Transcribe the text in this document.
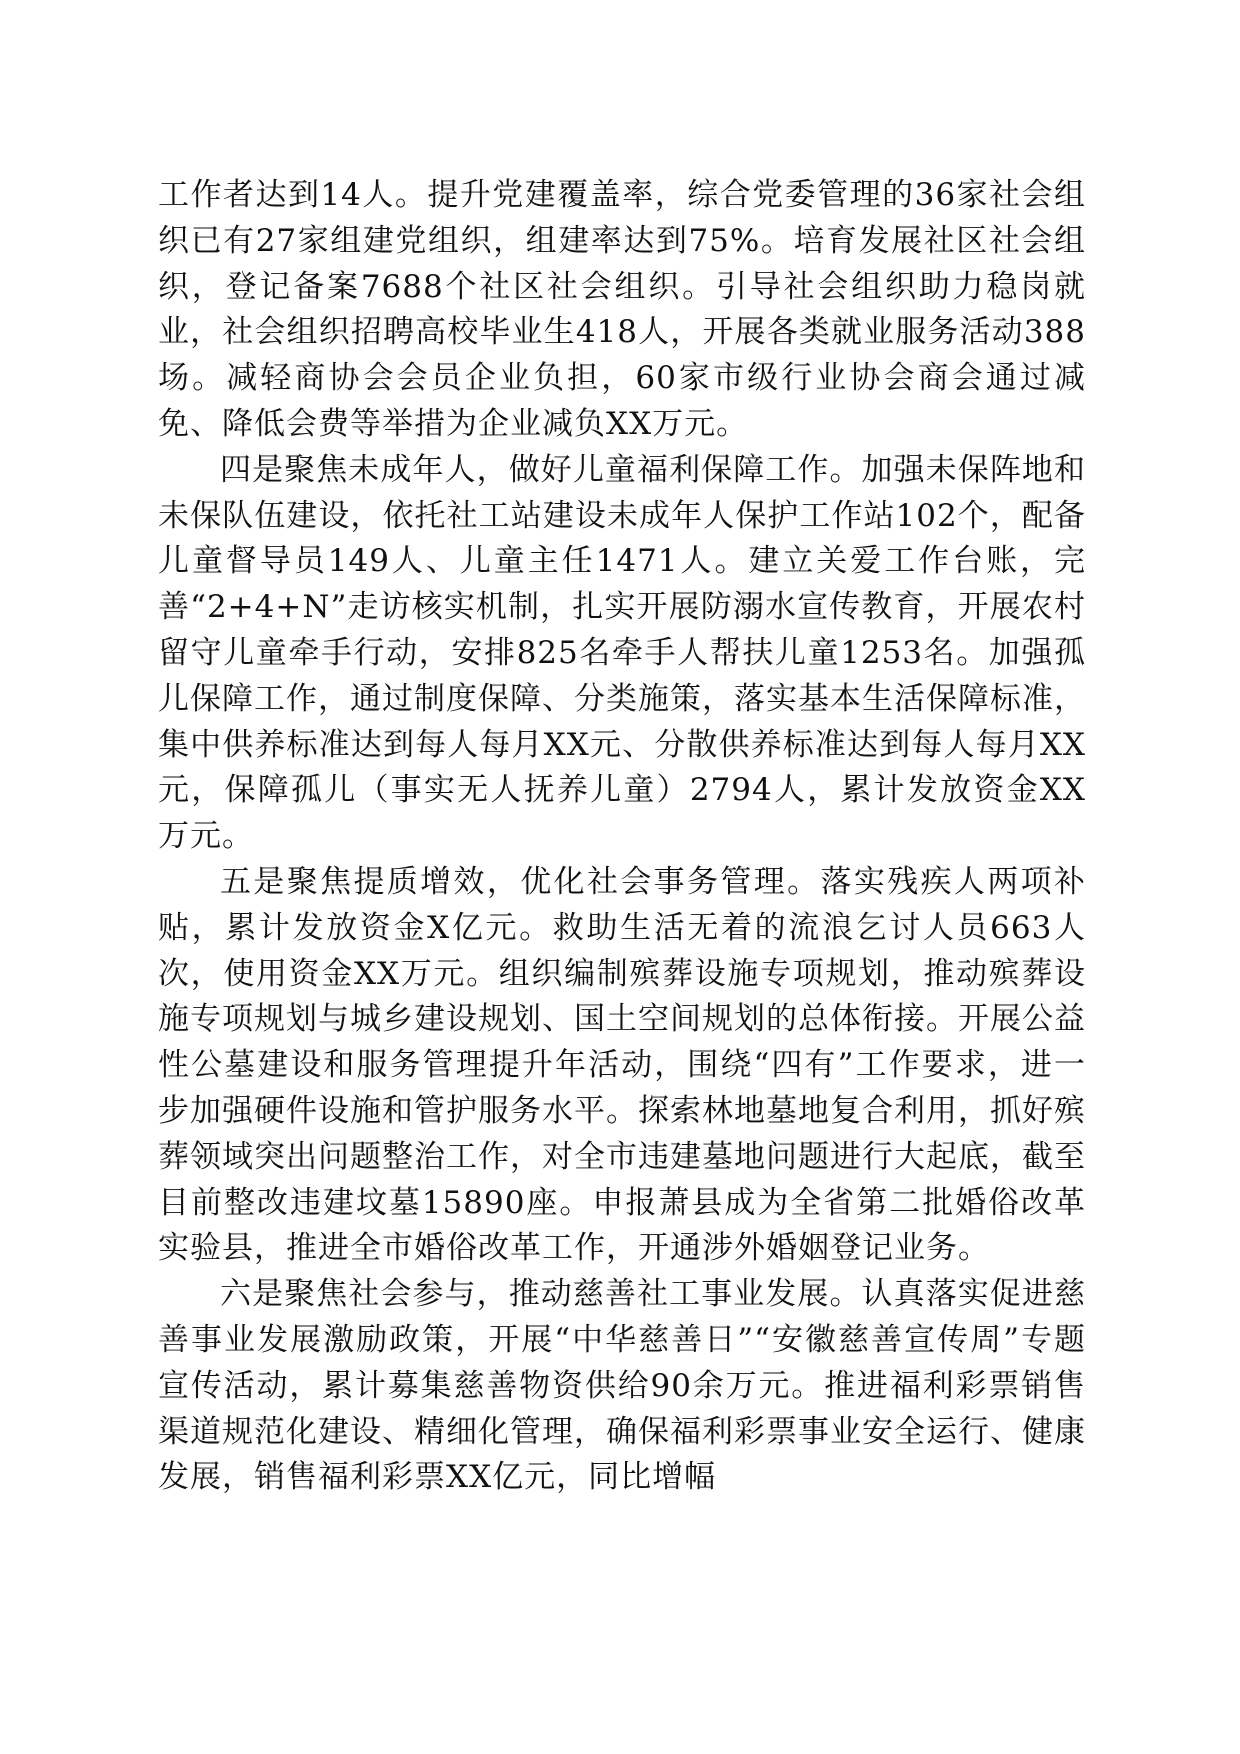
工作者达到14人。提升党建覆盖率，综合党委管理的36家社会组织已有27家组建党组织，组建率达到75%。培育发展社区社会组织，登记备案7688个社区社会组织。引导社会组织助力稳岗就业，社会组织招聘高校毕业生418人，开展各类就业服务活动388场。减轻商协会会员企业负担，60家市级行业协会商会通过减免、降低会费等举措为企业减负XX万元。

四是聚焦未成年人，做好儿童福利保障工作。加强未保阵地和未保队伍建设，依托社工站建设未成年人保护工作站102个，配备儿童督导员149人、儿童主任1471人。建立关爱工作台账，完善“2+4+N”走访核实机制，扎实开展防溺水宣传教育，开展农村留守儿童牵手行动，安排825名牵手人帮扶儿童1253名。加强孤儿保障工作，通过制度保障、分类施策，落实基本生活保障标准，集中供养标准达到每人每月XX元、分散供养标准达到每人每月XX元，保障孤儿（事实无人抚养儿童）2794人，累计发放资金XX万元。

五是聚焦提质增效，优化社会事务管理。落实残疾人两项补贴，累计发放资金X亿元。救助生活无着的流浪乞讨人员663人次，使用资金XX万元。组织编制殡葬设施专项规划，推动殡葬设施专项规划与城乡建设规划、国土空间规划的总体衔接。开展公益性公墓建设和服务管理提升年活动，围绕“四有”工作要求，进一步加强硬件设施和管护服务水平。探索林地墓地复合利用，抓好殡葬领域突出问题整治工作，对全市违建墓地问题进行大起底，截至目前整改违建坟墓15890座。申报萧县成为全省第二批婚俗改革实验县，推进全市婚俗改革工作，开通涉外婚姻登记业务。

六是聚焦社会参与，推动慈善社工事业发展。认真落实促进慈善事业发展激励政策，开展“中华慈善日”“安徽慈善宣传周”专题宣传活动，累计募集慈善物资供给90余万元。推进福利彩票销售渠道规范化建设、精细化管理，确保福利彩票事业安全运行、健康发展，销售福利彩票XX亿元，同比增幅
